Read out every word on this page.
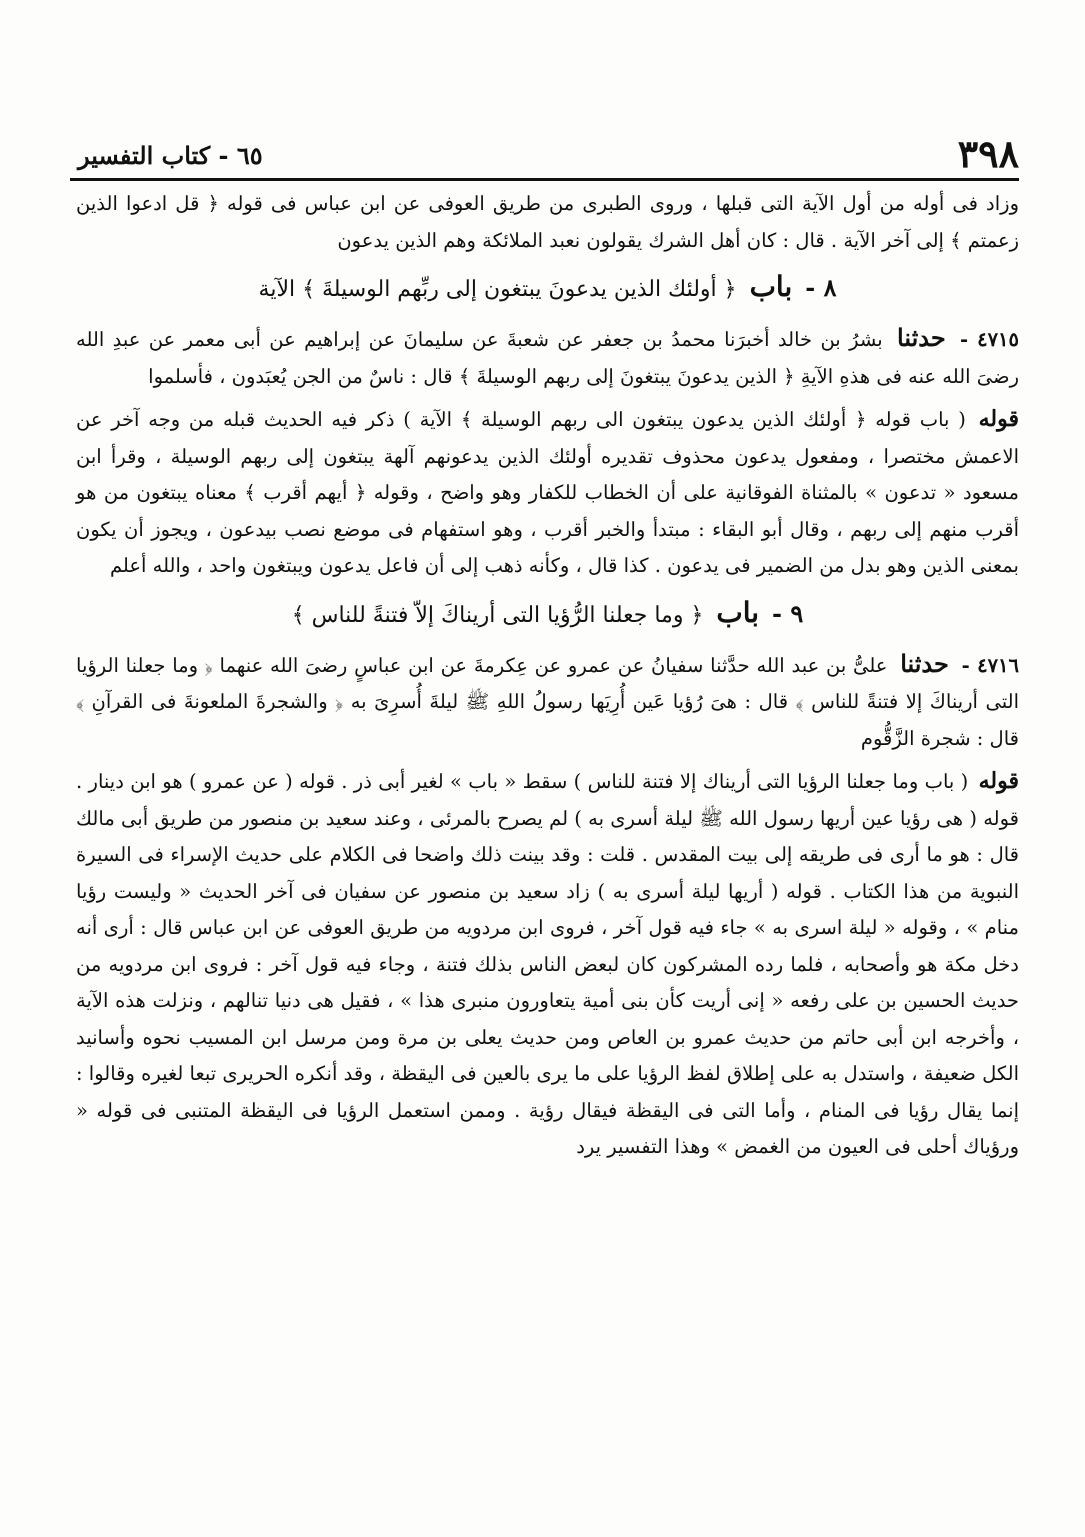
٣٩٨
٦٥ - كتاب التفسير

وزاد فى أوله من أول الآية التى قبلها ، وروى الطبرى من طريق العوفى عن ابن عباس فى قوله ﴿ قل ادعوا الذين زعمتم ﴾ إلى آخر الآية . قال : كان أهل الشرك يقولون نعبد الملائكة وهم الذين يدعون

٨ - باب ﴿ أولئك الذين يدعونَ يبتغون إلى ربِّهم الوسيلةَ ﴾ الآية

٤٧١٥ - حدثنا بشرُ بن خالد أخبرَنا محمدُ بن جعفر عن شعبةَ عن سليمانَ عن إبراهيم عن أبى معمر عن عبدِ الله رضىَ الله عنه فى هذهِ الآيةِ ﴿ الذين يدعونَ يبتغونَ إلى ربهم الوسيلةَ ﴾ قال : ناسٌ من الجن يُعبَدون ، فأسلموا

قوله ( باب قوله ﴿ أولئك الذين يدعون يبتغون الى ربهم الوسيلة ﴾ الآية ) ذكر فيه الحديث قبله من وجه آخر عن الاعمش مختصرا ، ومفعول يدعون محذوف تقديره أولئك الذين يدعونهم آلهة يبتغون إلى ربهم الوسيلة ، وقرأ ابن مسعود « تدعون » بالمثناة الفوقانية على أن الخطاب للكفار وهو واضح ، وقوله ﴿ أيهم أقرب ﴾ معناه يبتغون من هو أقرب منهم إلى ربهم ، وقال أبو البقاء : مبتدأ والخبر أقرب ، وهو استفهام فى موضع نصب بيدعون ، ويجوز أن يكون بمعنى الذين وهو بدل من الضمير فى يدعون . كذا قال ، وكأنه ذهب إلى أن فاعل يدعون ويبتغون واحد ، والله أعلم

٩ - باب ﴿ وما جعلنا الرُّؤيا التى أريناكَ إلاّ فتنةً للناس ﴾

٤٧١٦ - حدثنا علىُّ بن عبد الله حدَّثنا سفيانُ عن عمرو عن عِكرمةَ عن ابن عباسٍ رضىَ الله عنهما ﴿ وما جعلنا الرؤيا التى أريناكَ إلا فتنةً للناس ﴾ قال : هىَ رُؤيا عَين أُرِيَها رسولُ اللهِ ﷺ ليلةَ أُسرِىَ به ﴿ والشجرةَ الملعونةَ فى القرآنِ ﴾ قال : شجرة الزَّقُّوم

قوله ( باب وما جعلنا الرؤيا التى أريناك إلا فتنة للناس ) سقط « باب » لغير أبى ذر . قوله ( عن عمرو ) هو ابن دينار . قوله ( هى رؤيا عين أريها رسول الله ﷺ ليلة أسرى به ) لم يصرح بالمرئى ، وعند سعيد بن منصور من طريق أبى مالك قال : هو ما أرى فى طريقه إلى بيت المقدس . قلت : وقد بينت ذلك واضحا فى الكلام على حديث الإسراء فى السيرة النبوية من هذا الكتاب . قوله ( أريها ليلة أسرى به ) زاد سعيد بن منصور عن سفيان فى آخر الحديث « وليست رؤيا منام » ، وقوله « ليلة اسرى به » جاء فيه قول آخر ، فروى ابن مردويه من طريق العوفى عن ابن عباس قال : أرى أنه دخل مكة هو وأصحابه ، فلما رده المشركون كان لبعض الناس بذلك فتنة ، وجاء فيه قول آخر : فروى ابن مردويه من حديث الحسين بن على رفعه « إنى أريت كأن بنى أمية يتعاورون منبرى هذا » ، فقيل هى دنيا تنالهم ، ونزلت هذه الآية ، وأخرجه ابن أبى حاتم من حديث عمرو بن العاص ومن حديث يعلى بن مرة ومن مرسل ابن المسيب نحوه وأسانيد الكل ضعيفة ، واستدل به على إطلاق لفظ الرؤيا على ما يرى بالعين فى اليقظة ، وقد أنكره الحريرى تبعا لغيره وقالوا : إنما يقال رؤيا فى المنام ، وأما التى فى اليقظة فيقال رؤية . وممن استعمل الرؤيا فى اليقظة المتنبى فى قوله « ورؤياك أحلى فى العيون من الغمض » وهذا التفسير يرد
